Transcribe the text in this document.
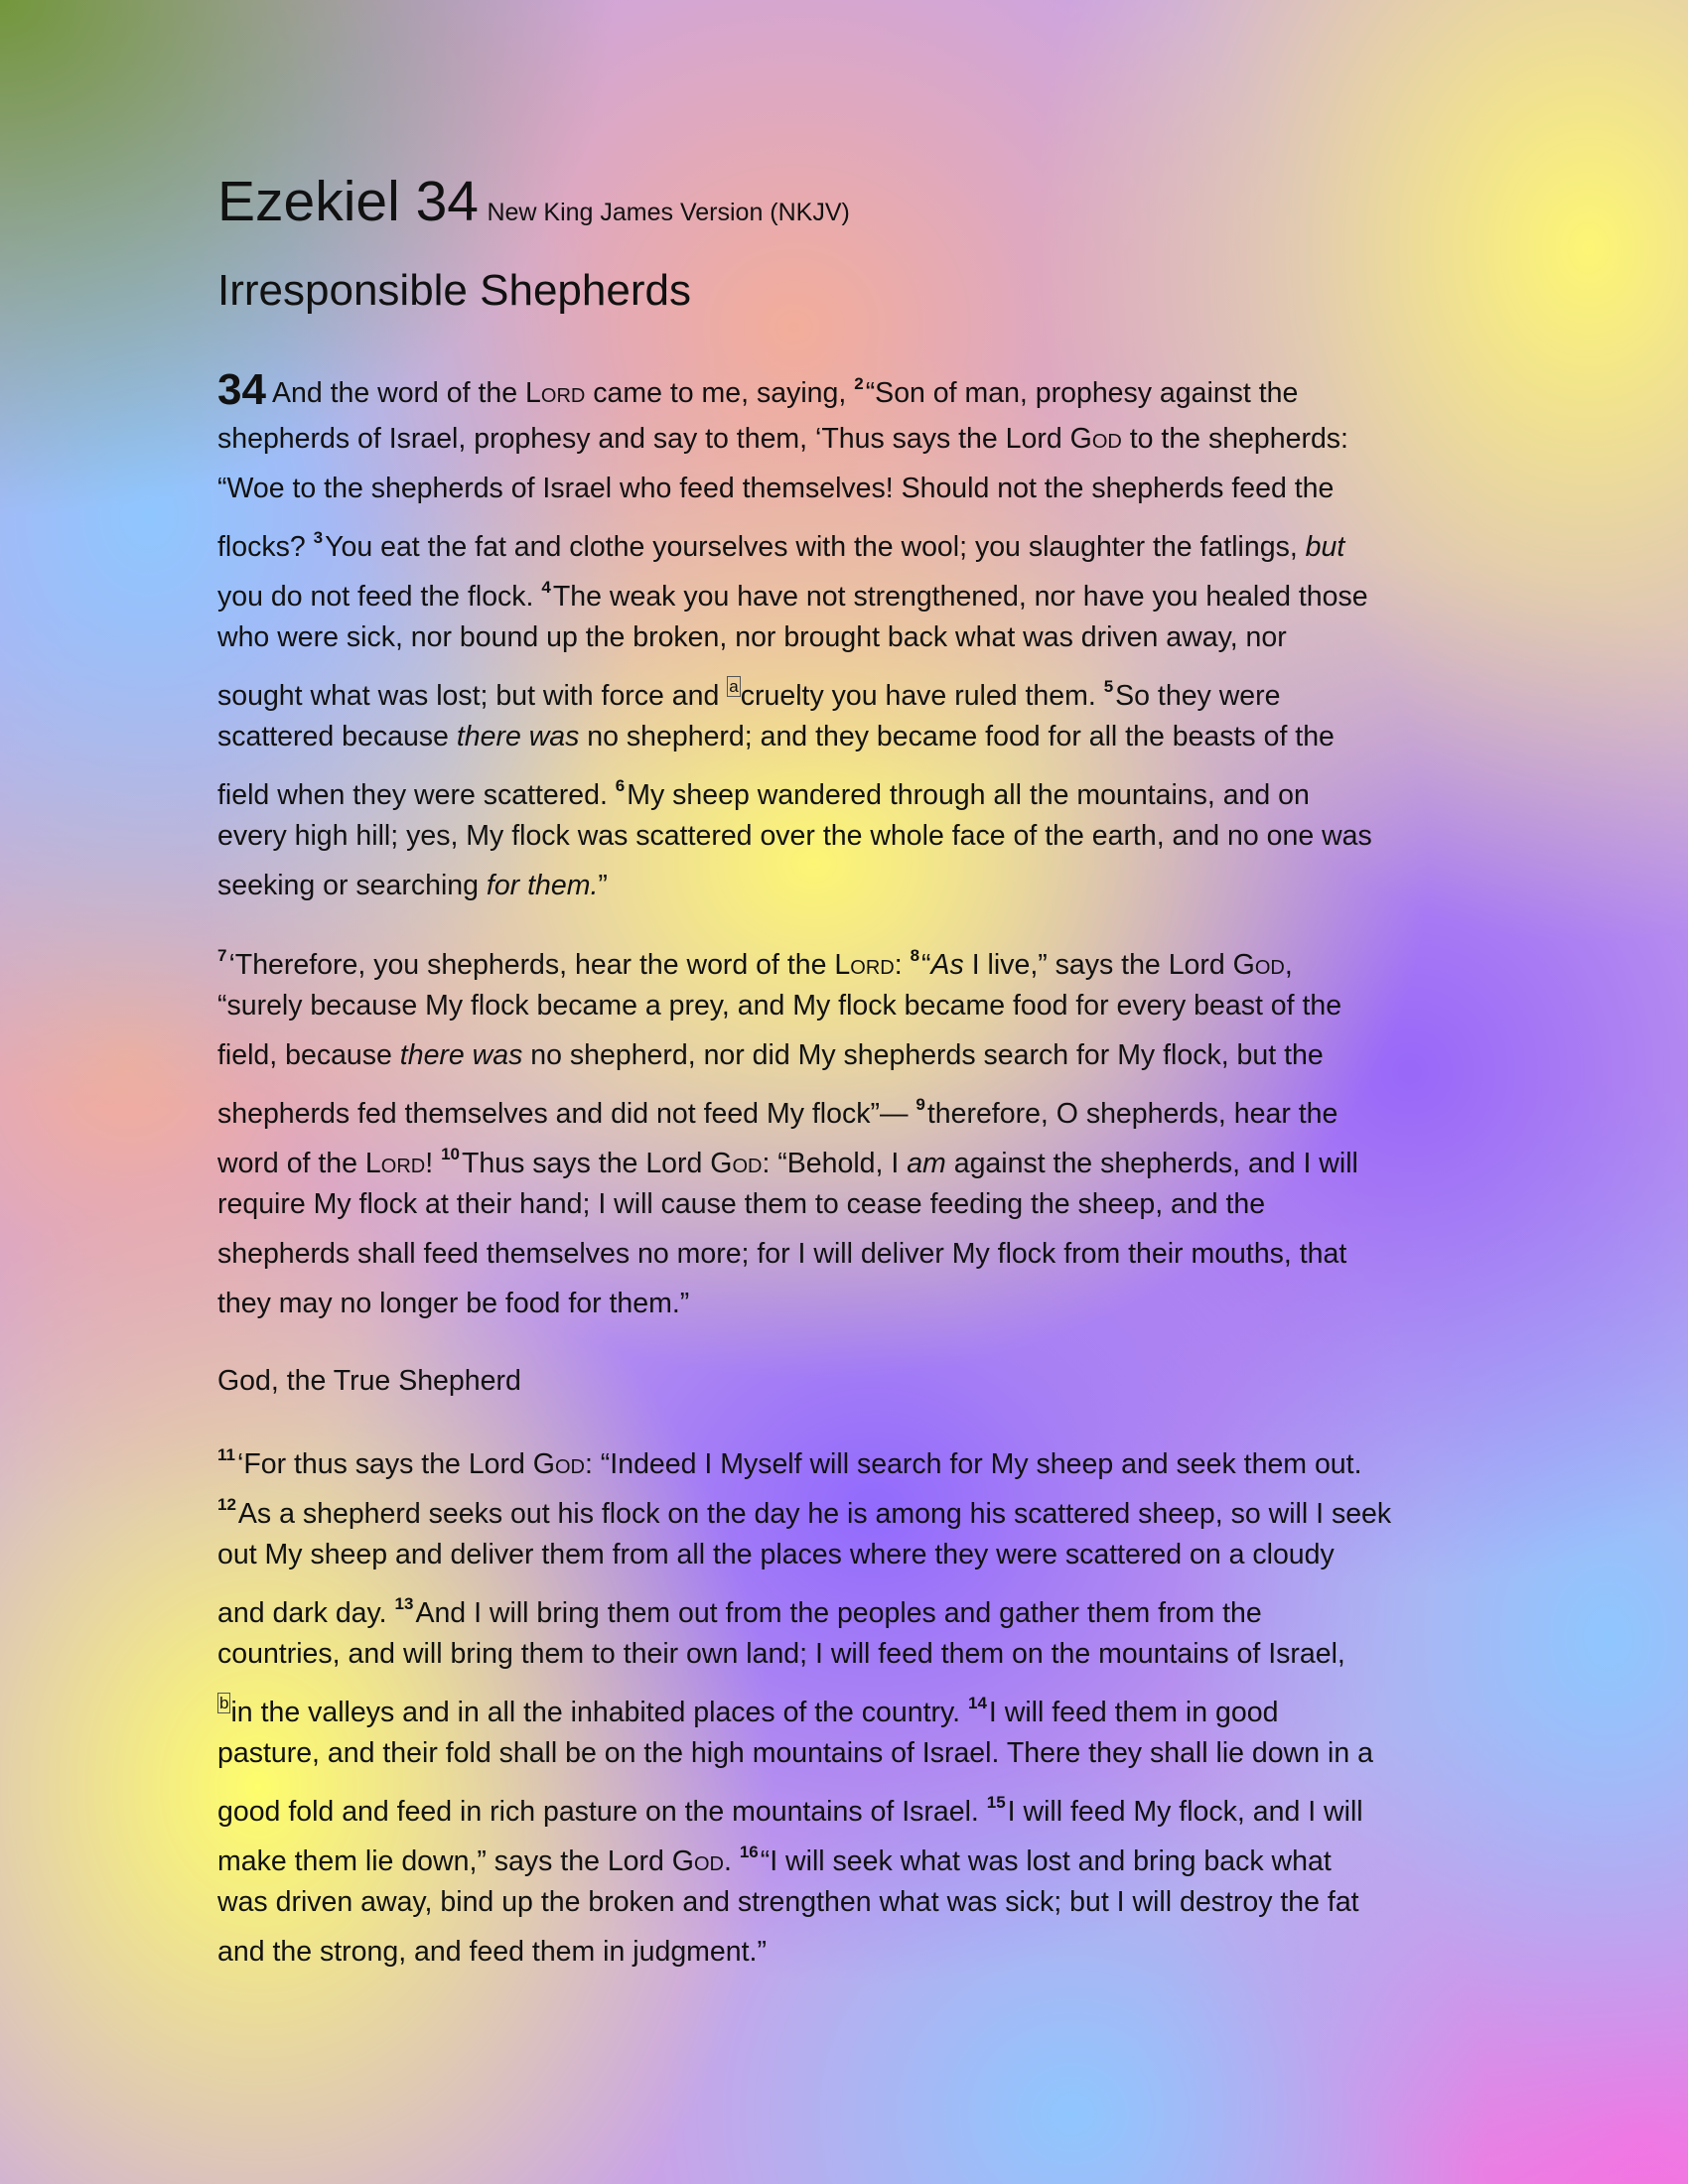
Ezekiel 34 New King James Version (NKJV)
Irresponsible Shepherds
34 And the word of the Lord came to me, saying, $^2$“Son of man, prophesy against the
shepherds of Israel, prophesy and say to them, ‘Thus says the Lord God to the shepherds:
“Woe to the shepherds of Israel who feed themselves! Should not the shepherds feed the
flocks? $^3$You eat the fat and clothe yourselves with the wool; you slaughter the fatlings, but
you do not feed the flock. $^4$The weak you have not strengthened, nor have you healed those
who were sick, nor bound up the broken, nor brought back what was driven away, nor
sought what was lost; but with force and $^a$cruelty you have ruled them. $^5$So they were
scattered because there was no shepherd; and they became food for all the beasts of the
field when they were scattered. $^6$My sheep wandered through all the mountains, and on
every high hill; yes, My flock was scattered over the whole face of the earth, and no one was
seeking or searching for them.”
$^7$‘Therefore, you shepherds, hear the word of the Lord: $^8$“As I live,” says the Lord God,
“surely because My flock became a prey, and My flock became food for every beast of the
field, because there was no shepherd, nor did My shepherds search for My flock, but the
shepherds fed themselves and did not feed My flock”— $^9$therefore, O shepherds, hear the
word of the Lord! $^{10}$Thus says the Lord God: “Behold, I am against the shepherds, and I will
require My flock at their hand; I will cause them to cease feeding the sheep, and the
shepherds shall feed themselves no more; for I will deliver My flock from their mouths, that
they may no longer be food for them.”
God, the True Shepherd
$^{11}$‘For thus says the Lord God: “Indeed I Myself will search for My sheep and seek them out.
$^{12}$As a shepherd seeks out his flock on the day he is among his scattered sheep, so will I seek
out My sheep and deliver them from all the places where they were scattered on a cloudy
and dark day. $^{13}$And I will bring them out from the peoples and gather them from the
countries, and will bring them to their own land; I will feed them on the mountains of Israel,
$^b$in the valleys and in all the inhabited places of the country. $^{14}$I will feed them in good
pasture, and their fold shall be on the high mountains of Israel. There they shall lie down in a
good fold and feed in rich pasture on the mountains of Israel. $^{15}$I will feed My flock, and I will
make them lie down,” says the Lord God. $^{16}$“I will seek what was lost and bring back what
was driven away, bind up the broken and strengthen what was sick; but I will destroy the fat
and the strong, and feed them in judgment.”
